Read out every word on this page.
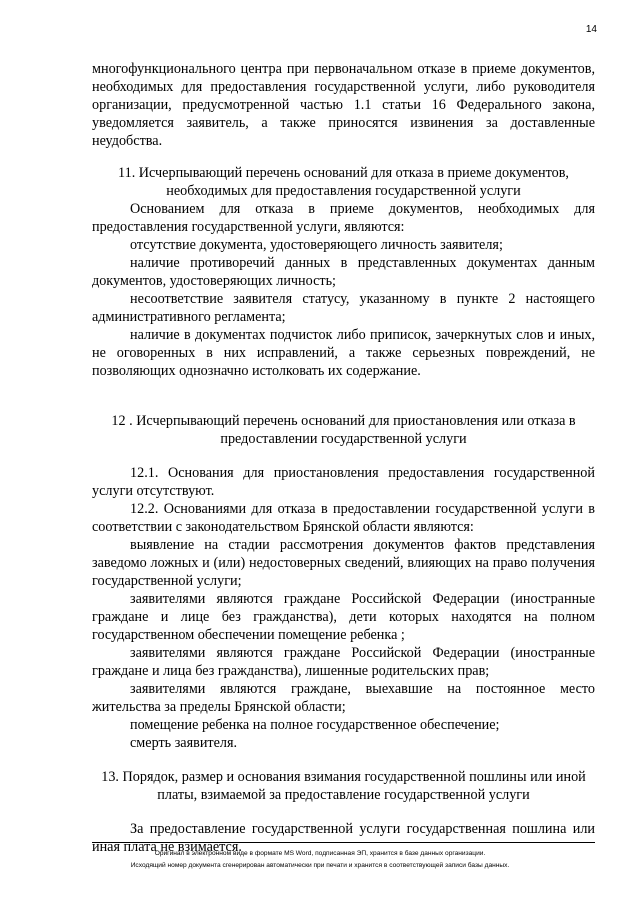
14

многофункционального центра при первоначальном отказе в приеме документов, необходимых для предоставления государственной услуги, либо руководителя организации, предусмотренной частью 1.1 статьи 16 Федерального закона, уведомляется заявитель, а также приносятся извинения за доставленные неудобства.

11. Исчерпывающий перечень оснований для отказа в приеме документов, необходимых для предоставления государственной услуги

Основанием для отказа в приеме документов, необходимых для предоставления государственной услуги, являются:

отсутствие документа, удостоверяющего личность заявителя;

наличие противоречий данных в представленных документах данным документов, удостоверяющих личность;

несоответствие заявителя статусу, указанному в пункте 2 настоящего административного регламента;

наличие в документах подчисток либо приписок, зачеркнутых слов и иных, не оговоренных в них исправлений, а также серьезных повреждений, не позволяющих однозначно истолковать их содержание.

12 . Исчерпывающий перечень оснований для приостановления или отказа в предоставлении государственной услуги

12.1. Основания для приостановления предоставления государственной услуги отсутствуют.

12.2. Основаниями для отказа в предоставлении государственной услуги в соответствии с законодательством Брянской области являются:

выявление на стадии рассмотрения документов фактов представления заведомо ложных и (или) недостоверных сведений, влияющих на право получения государственной услуги;

заявителями являются граждане Российской Федерации (иностранные граждане и лице без гражданства), дети которых находятся на полном государственном обеспечении помещение ребенка ;

заявителями являются граждане Российской Федерации (иностранные граждане и лица без гражданства), лишенные родительских прав;

заявителями являются граждане, выехавшие на постоянное место жительства за пределы Брянской области;

помещение ребенка на полное государственное обеспечение;

смерть заявителя.

13. Порядок, размер и основания взимания государственной пошлины или иной платы, взимаемой за предоставление государственной услуги

За предоставление государственной услуги государственная пошлина или иная плата не взимается.

Оригинал в электронном виде в формате MS Word, подписанная ЭП, хранится в базе данных организации.
Исходящий номер документа сгенерирован автоматически при печати и хранится в соответствующей записи базы данных.
